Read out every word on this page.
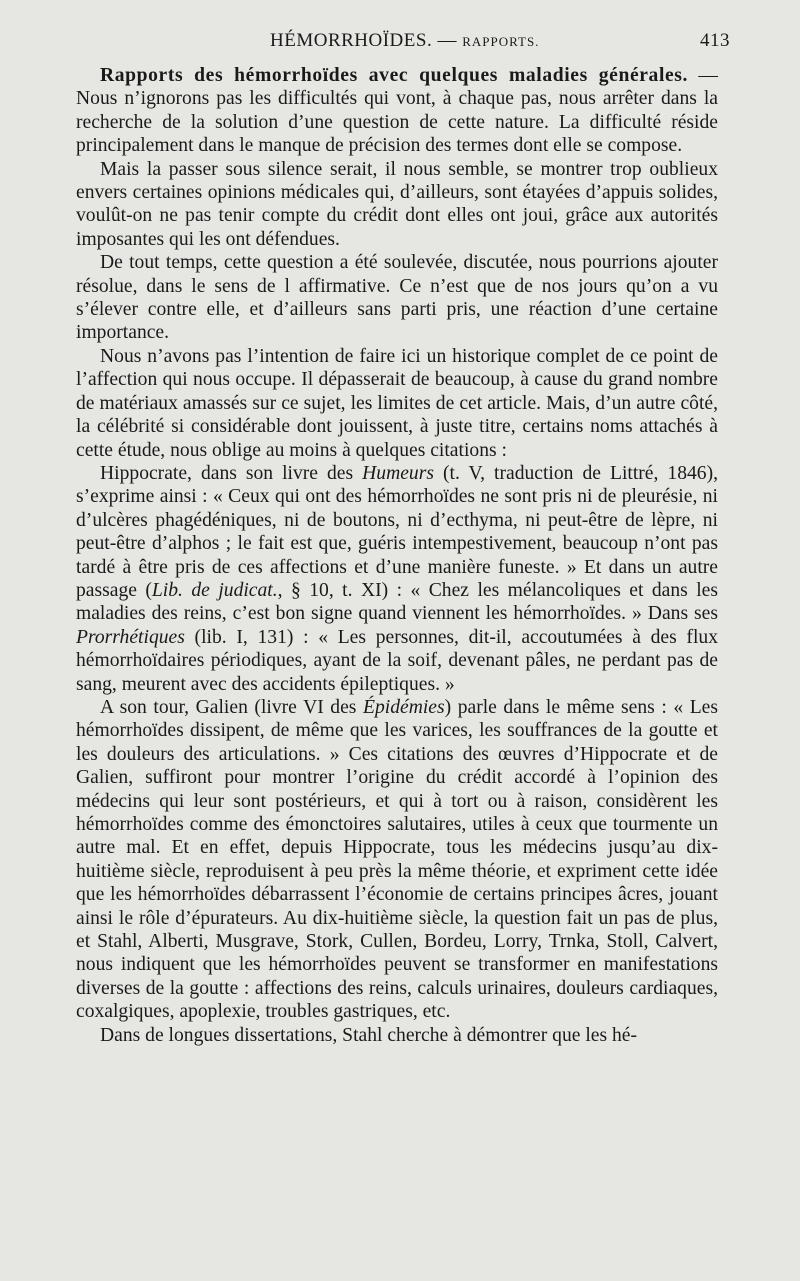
HÉMORRHOÏDES. — RAPPORTS.	413

Rapports des hémorrhoïdes avec quelques maladies générales. — Nous n’ignorons pas les difficultés qui vont, à chaque pas, nous arrêter dans la recherche de la solution d’une question de cette nature. La difficulté réside principalement dans le manque de précision des termes dont elle se compose.

Mais la passer sous silence serait, il nous semble, se montrer trop oublieux envers certaines opinions médicales qui, d’ailleurs, sont étayées d’appuis solides, voulût-on ne pas tenir compte du crédit dont elles ont joui, grâce aux autorités imposantes qui les ont défendues.

De tout temps, cette question a été soulevée, discutée, nous pourrions ajouter résolue, dans le sens de l affirmative. Ce n’est que de nos jours qu’on a vu s’élever contre elle, et d’ailleurs sans parti pris, une réaction d’une certaine importance.

Nous n’avons pas l’intention de faire ici un historique complet de ce point de l’affection qui nous occupe. Il dépasserait de beaucoup, à cause du grand nombre de matériaux amassés sur ce sujet, les limites de cet article. Mais, d’un autre côté, la célébrité si considérable dont jouissent, à juste titre, certains noms attachés à cette étude, nous oblige au moins à quelques citations :

Hippocrate, dans son livre des Humeurs (t. V, traduction de Littré, 1846), s’exprime ainsi : « Ceux qui ont des hémorrhoïdes ne sont pris ni de pleurésie, ni d’ulcères phagédéniques, ni de boutons, ni d’ecthyma, ni peut-être de lèpre, ni peut-être d’alphos ; le fait est que, guéris intempestivement, beaucoup n’ont pas tardé à être pris de ces affections et d’une manière funeste. » Et dans un autre passage (Lib. de judicat., § 10, t. XI) : « Chez les mélancoliques et dans les maladies des reins, c’est bon signe quand viennent les hémorrhoïdes. » Dans ses Prorrhétiques (lib. I, 131) : « Les personnes, dit-il, accoutumées à des flux hémorrhoïdaires périodiques, ayant de la soif, devenant pâles, ne perdant pas de sang, meurent avec des accidents épileptiques. »

A son tour, Galien (livre VI des Épidémies) parle dans le même sens : « Les hémorrhoïdes dissipent, de même que les varices, les souffrances de la goutte et les douleurs des articulations. » Ces citations des œuvres d’Hippocrate et de Galien, suffiront pour montrer l’origine du crédit accordé à l’opinion des médecins qui leur sont postérieurs, et qui à tort ou à raison, considèrent les hémorrhoïdes comme des émonctoires salutaires, utiles à ceux que tourmente un autre mal. Et en effet, depuis Hippocrate, tous les médecins jusqu’au dix-huitième siècle, reproduisent à peu près la même théorie, et expriment cette idée que les hémorrhoïdes débarrassent l’économie de certains principes âcres, jouant ainsi le rôle d’épurateurs. Au dix-huitième siècle, la question fait un pas de plus, et Stahl, Alberti, Musgrave, Stork, Cullen, Bordeu, Lorry, Trnka, Stoll, Calvert, nous indiquent que les hémorrhoïdes peuvent se transformer en manifestations diverses de la goutte : affections des reins, calculs urinaires, douleurs cardiaques, coxalgiques, apoplexie, troubles gastriques, etc.

Dans de longues dissertations, Stahl cherche à démontrer que les hé-
